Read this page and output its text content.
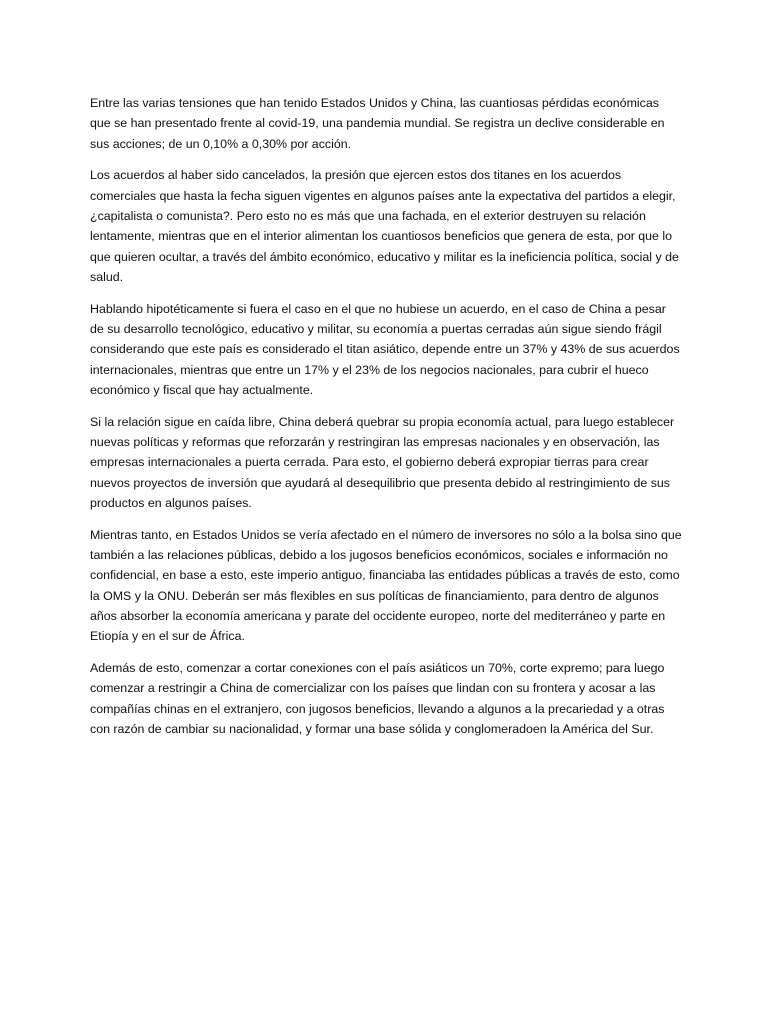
Entre las varias tensiones que han tenido Estados Unidos y China, las cuantiosas pérdidas económicas que se han presentado frente al covid-19, una pandemia mundial. Se registra un declive considerable en sus acciones; de un 0,10% a 0,30% por acción.

Los acuerdos al haber sido cancelados, la presión que ejercen estos dos titanes en los acuerdos comerciales que hasta la fecha siguen vigentes en algunos países ante la expectativa del partidos a elegir, ¿capitalista o comunista?. Pero esto no es más que una fachada, en el exterior destruyen su relación lentamente, mientras que en el interior alimentan los cuantiosos beneficios que genera de esta, por que lo que quieren ocultar, a través del ámbito económico, educativo y militar es la ineficiencia política, social y de salud.

Hablando hipotéticamente si fuera el caso en el que no hubiese un acuerdo, en el caso de China a pesar de su desarrollo tecnológico, educativo y militar, su economía a puertas cerradas aún sigue siendo frágil considerando que este país es considerado el titan asiático, depende entre un 37% y 43% de sus acuerdos internacionales, mientras que entre un 17% y el 23% de los negocios nacionales, para cubrir el hueco económico y fiscal que hay actualmente.

Si la relación sigue en caída libre, China deberá quebrar su propia economía actual, para luego establecer nuevas políticas y reformas que reforzarán y restringiran las empresas nacionales y en observación, las empresas internacionales a puerta cerrada. Para esto, el gobierno deberá expropiar tierras para crear nuevos proyectos de inversión que ayudará al desequilibrio que presenta debido al restringimiento de sus productos en algunos países.

Mientras tanto, en Estados Unidos se vería afectado en el número de inversores no sólo a la bolsa sino que también a las relaciones públicas, debido a los jugosos beneficios económicos, sociales e información no confidencial, en base a esto, este imperio antiguo, financiaba las entidades públicas a través de esto, como la OMS y la ONU. Deberán ser más flexibles en sus políticas de financiamiento, para dentro de algunos años absorber la economía americana y parate del occidente europeo, norte del mediterráneo y parte en Etiopía y en el sur de África.

Además de esto, comenzar a cortar conexiones con el país asiáticos un 70%, corte expremo; para luego comenzar a restringir a China de comercializar con los países que lindan con su frontera y acosar a las compañías chinas en el extranjero, con jugosos beneficios, llevando a algunos a la precariedad y a otras con razón de cambiar su nacionalidad, y formar una base sólida y conglomeradoen la América del Sur.
